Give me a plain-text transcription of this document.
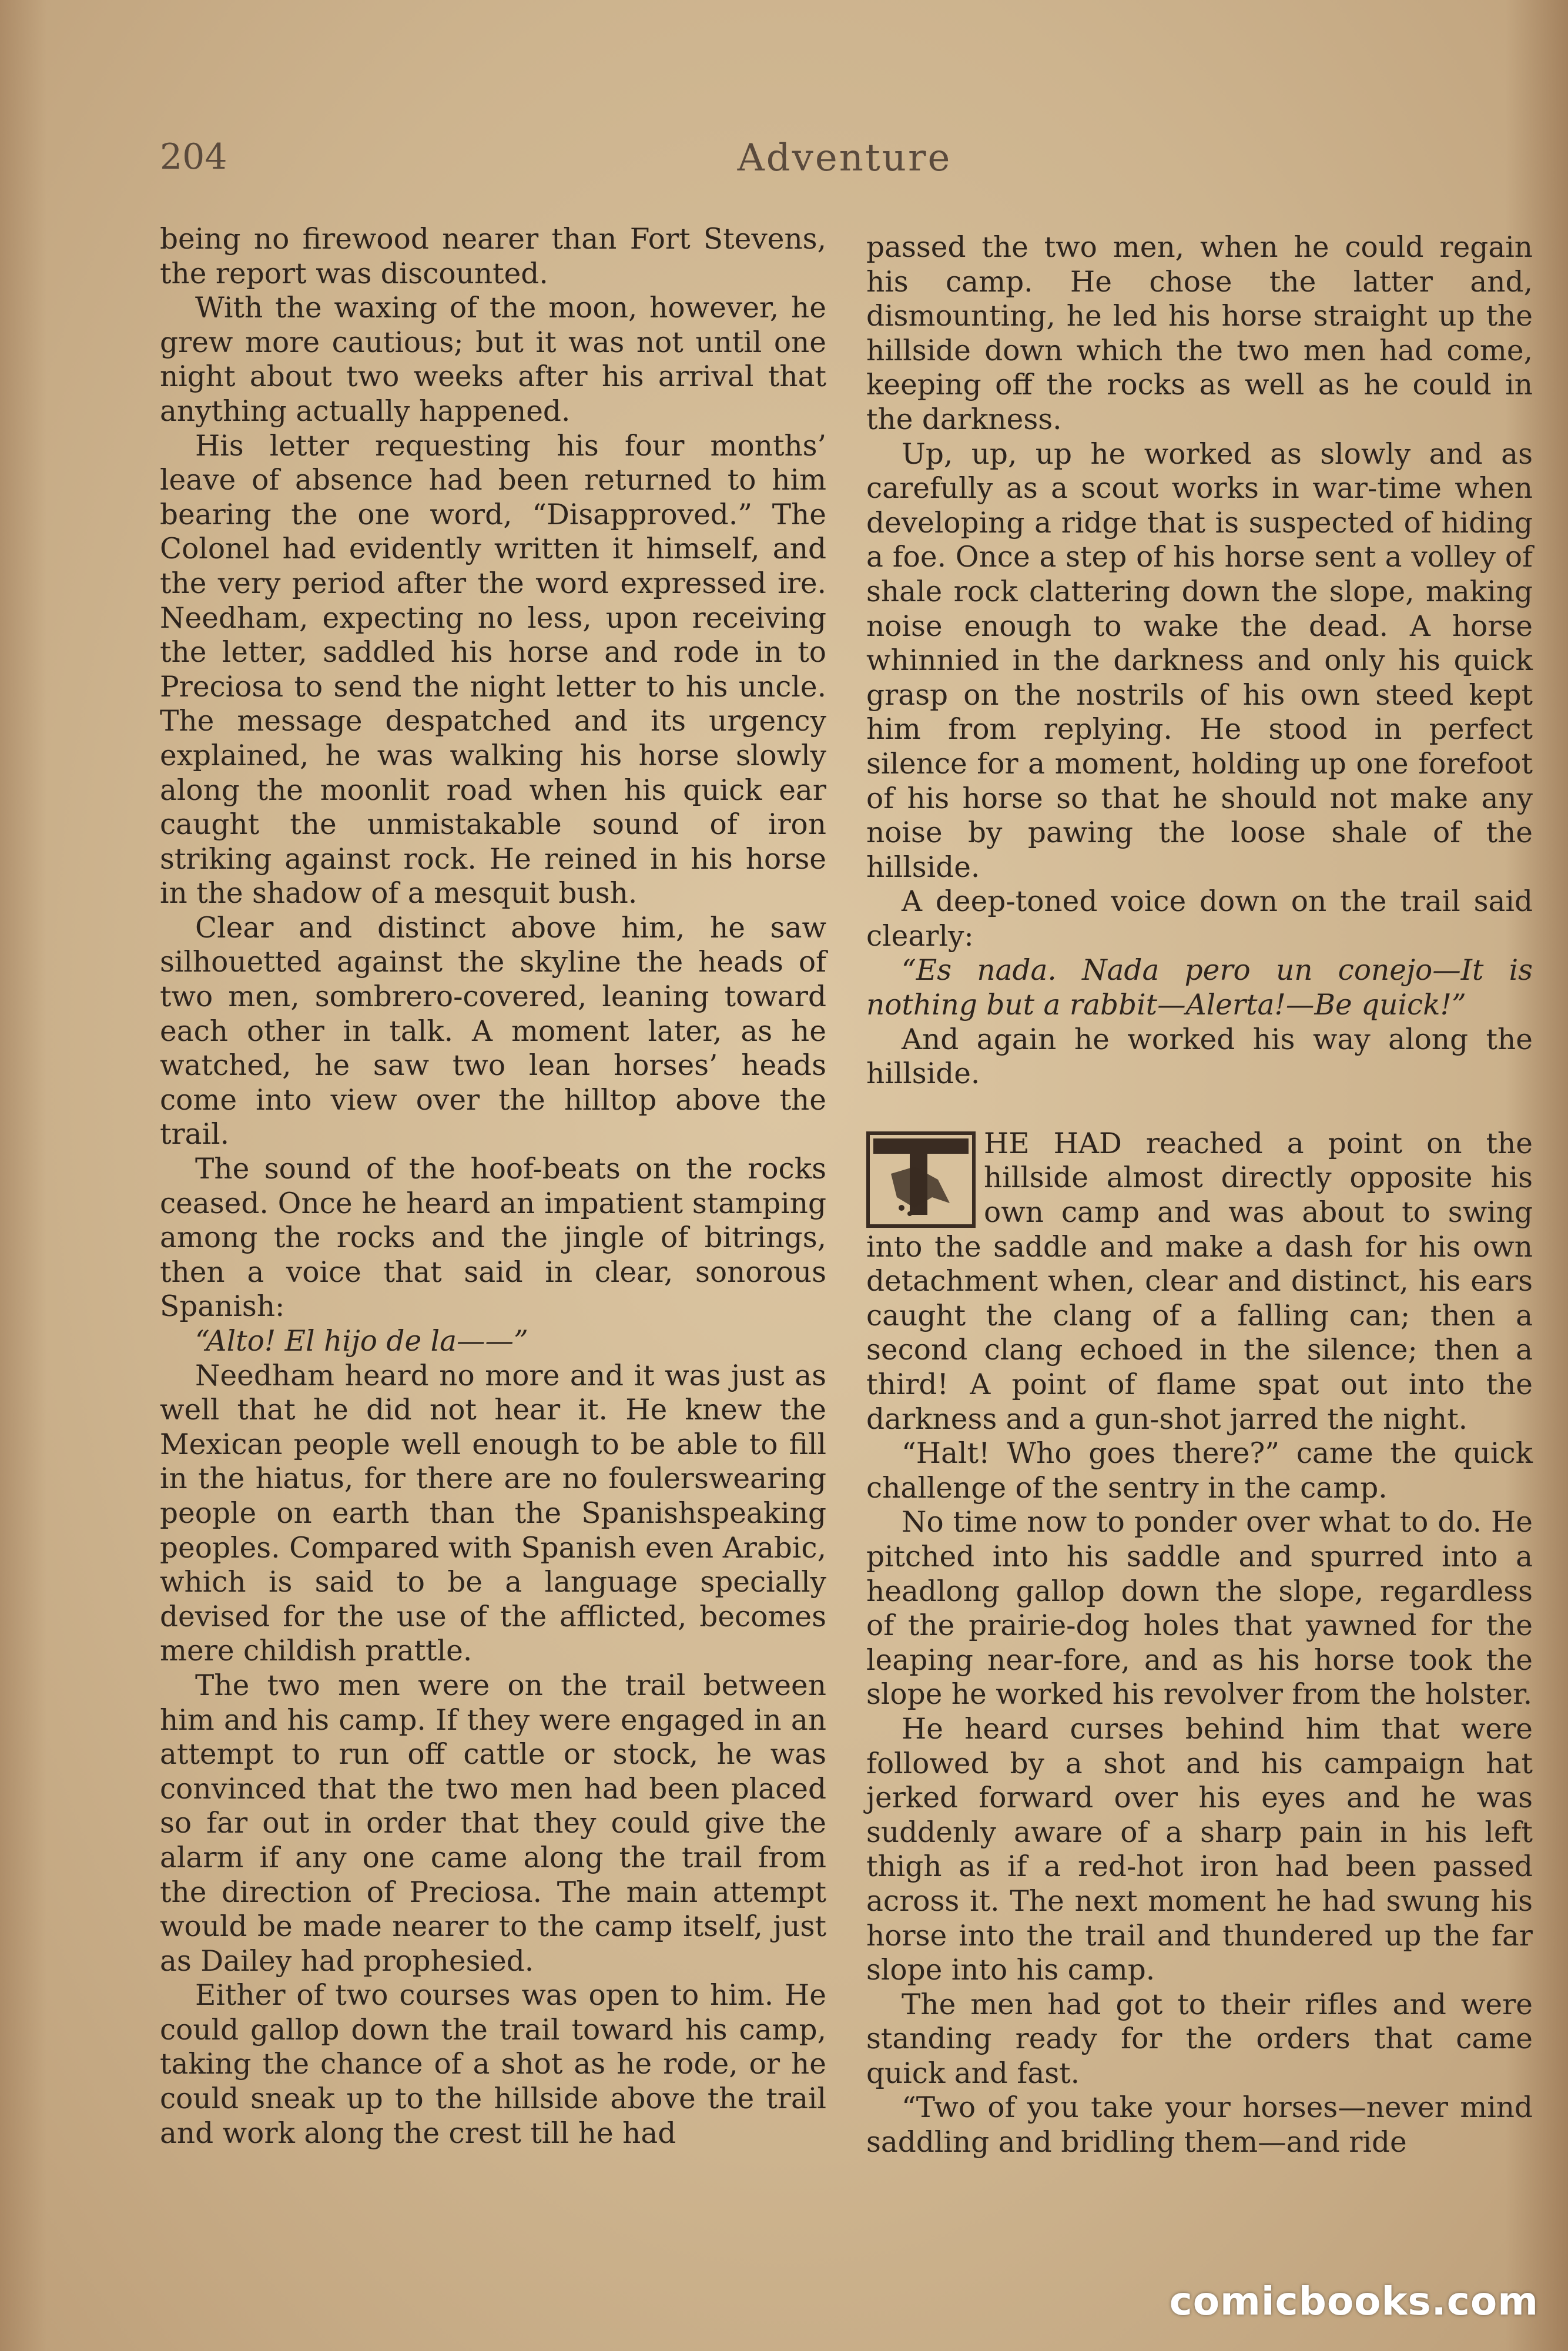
204	Adventure

being no firewood nearer than Fort Stevens, the report was discounted.

With the waxing of the moon, however, he grew more cautious; but it was not until one night about two weeks after his arrival that anything actually happened.

His letter requesting his four months’ leave of absence had been returned to him bearing the one word, “Disapproved.” The Colonel had evidently written it himself, and the very period after the word expressed ire. Needham, expecting no less, upon receiving the letter, saddled his horse and rode in to Preciosa to send the night letter to his uncle. The message despatched and its urgency explained, he was walking his horse slowly along the moonlit road when his quick ear caught the unmistakable sound of iron striking against rock. He reined in his horse in the shadow of a mesquit bush.

Clear and distinct above him, he saw silhouetted against the skyline the heads of two men, sombrero-covered, leaning toward each other in talk. A moment later, as he watched, he saw two lean horses’ heads come into view over the hilltop above the trail.

The sound of the hoof-beats on the rocks ceased. Once he heard an impatient stamping among the rocks and the jingle of bitrings, then a voice that said in clear, sonorous Spanish:

“Alto! El hijo de la——”

Needham heard no more and it was just as well that he did not hear it. He knew the Mexican people well enough to be able to fill in the hiatus, for there are no foulerswearing people on earth than the Spanishspeaking peoples. Compared with Spanish even Arabic, which is said to be a language specially devised for the use of the afflicted, becomes mere childish prattle.

The two men were on the trail between him and his camp. If they were engaged in an attempt to run off cattle or stock, he was convinced that the two men had been placed so far out in order that they could give the alarm if any one came along the trail from the direction of Preciosa. The main attempt would be made nearer to the camp itself, just as Dailey had prophesied.

Either of two courses was open to him. He could gallop down the trail toward his camp, taking the chance of a shot as he rode, or he could sneak up to the hillside above the trail and work along the crest till he had

passed the two men, when he could regain his camp. He chose the latter and, dismounting, he led his horse straight up the hillside down which the two men had come, keeping off the rocks as well as he could in the darkness.

Up, up, up he worked as slowly and as carefully as a scout works in war-time when developing a ridge that is suspected of hiding a foe. Once a step of his horse sent a volley of shale rock clattering down the slope, making noise enough to wake the dead. A horse whinnied in the darkness and only his quick grasp on the nostrils of his own steed kept him from replying. He stood in perfect silence for a moment, holding up one forefoot of his horse so that he should not make any noise by pawing the loose shale of the hillside.

A deep-toned voice down on the trail said clearly:

“Es nada. Nada pero un conejo—It is nothing but a rabbit—Alerta!—Be quick!”

And again he worked his way along the hillside.

HE HAD reached a point on the hillside almost directly opposite his own camp and was about to swing into the saddle and make a dash for his own detachment when, clear and distinct, his ears caught the clang of a falling can; then a second clang echoed in the silence; then a third! A point of flame spat out into the darkness and a gun-shot jarred the night.

“Halt! Who goes there?” came the quick challenge of the sentry in the camp.

No time now to ponder over what to do. He pitched into his saddle and spurred into a headlong gallop down the slope, regardless of the prairie-dog holes that yawned for the leaping near-fore, and as his horse took the slope he worked his revolver from the holster.

He heard curses behind him that were followed by a shot and his campaign hat jerked forward over his eyes and he was suddenly aware of a sharp pain in his left thigh as if a red-hot iron had been passed across it. The next moment he had swung his horse into the trail and thundered up the far slope into his camp.

The men had got to their rifles and were standing ready for the orders that came quick and fast.

“Two of you take your horses—never mind saddling and bridling them—and ride

comicbooks.com
